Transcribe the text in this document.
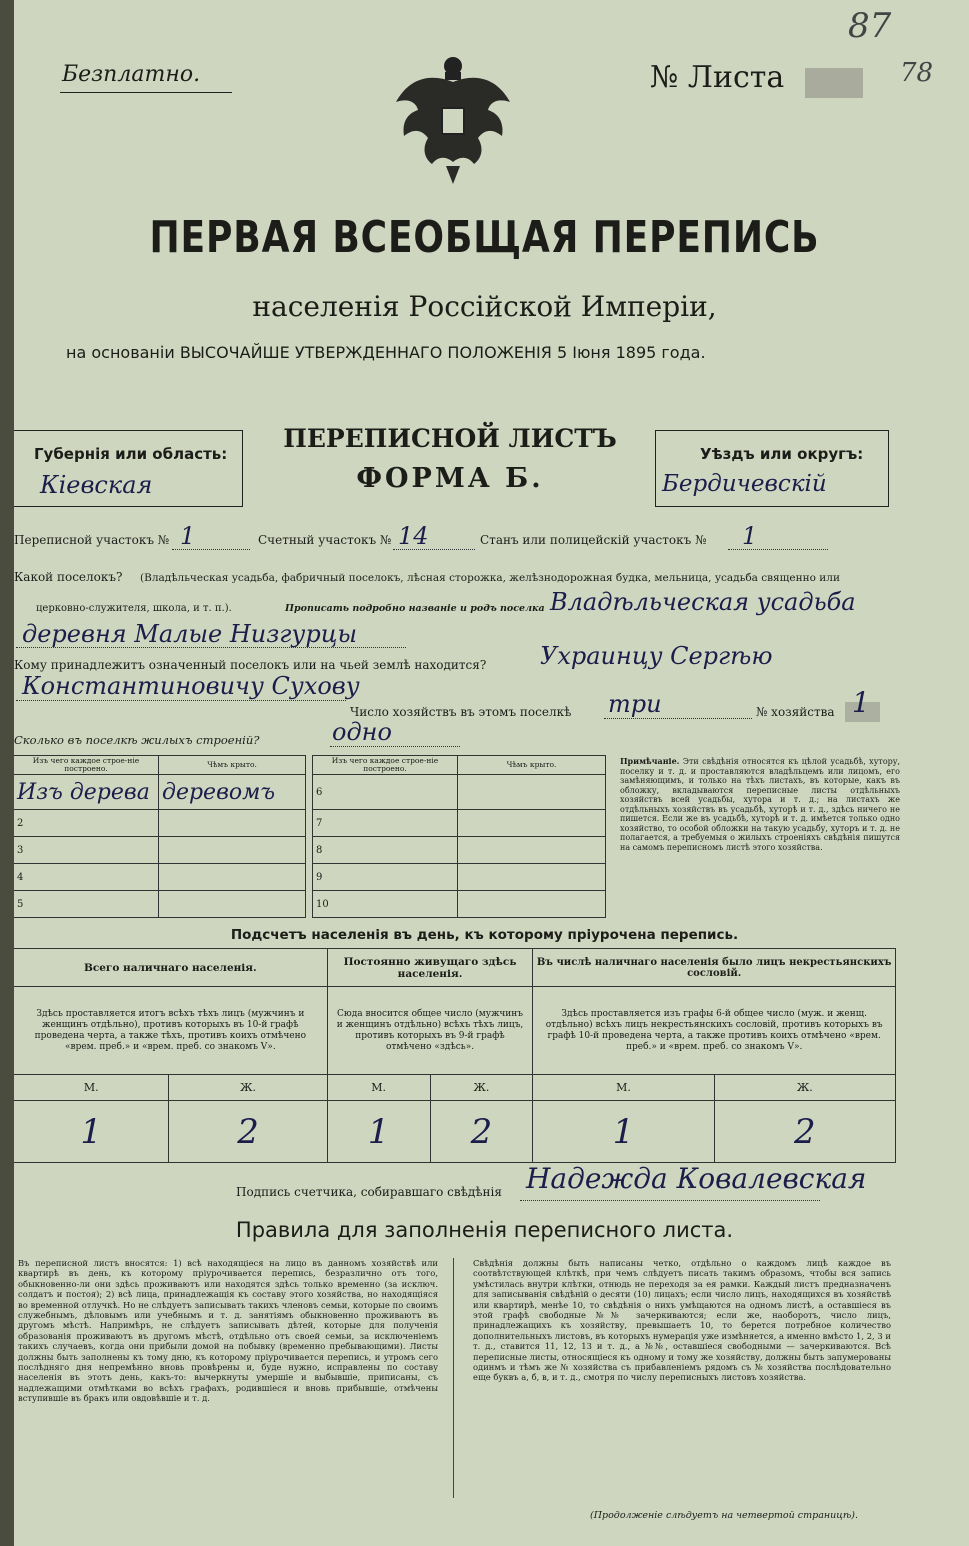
Безплатно.	№ Листа
87
78
ПЕРВАЯ ВСЕОБЩАЯ ПЕРЕПИСЬ
населенія Россійской Имперіи,
на основаніи ВЫСОЧАЙШЕ УТВЕРЖДЕННАГО ПОЛОЖЕНІЯ 5 Іюня 1895 года.
Губернія или область:
Кіевская
ПЕРЕПИСНОЙ ЛИСТЪ
ФОРМА Б.
Уѣздъ или округъ:
Бердичевскій
Переписной участокъ № 1	Счетный участокъ № 14	Станъ или полицейскій участокъ № 1
Какой поселокъ? (Владѣльческая усадьба, фабричный поселокъ, лѣсная сторожка, желѣзнодорожная будка, мельница, усадьба священно или
церковно-служителя, школа, и т. п.).	Прописать подробно названіе и родъ поселка Владѣльческая усадьба
деревня Малые Низгурцы
Кому принадлежитъ означенный поселокъ или на чьей землѣ находится? Ухраинцу Сергѣю
Константиновичу Сухову
Число хозяйствъ въ этомъ поселкѣ три	№ хозяйства 1
Сколько въ поселкѣ жилыхъ строеній?	одно
Изъ чего каждое строе-ніе построено.	Чѣмъ крыто.
Изъ дерева	деревомъ
2	
3	
4	
5	
Изъ чего каждое строе-ніе построено.	Чѣмъ крыто.
6	
7	
8	
9	
10	
Примѣчаніе. Эти свѣдѣнія относятся къ цѣлой усадьбѣ, хутору, поселку и т. д. и проставляются владѣльцемъ или лицомъ, его замѣняющимъ, и только на тѣхъ листахъ, въ которые, какъ въ обложку, вкладываются переписные листы отдѣльныхъ хозяйствъ всей усадьбы, хутора и т. д.; на листахъ же отдѣльныхъ хозяйствъ въ усадьбѣ, хуторѣ и т. д., здѣсь ничего не пишется. Если же въ усадьбѣ, хуторѣ и т. д. имѣется только одно хозяйство, то особой обложки на такую усадьбу, хуторъ и т. д. не полагается, а требуемыя о жилыхъ строеніяхъ свѣдѣнія пишутся на самомъ переписномъ листѣ этого хозяйства.
Подсчетъ населенія въ день, къ которому пріурочена перепись.
Всего наличнаго населенія.		Постоянно живущаго здѣсь населенія.		Въ числѣ наличнаго населенія было лицъ некрестьянскихъ сословій.	
Здѣсь проставляется итогъ всѣхъ тѣхъ лицъ (мужчинъ и женщинъ отдѣльно), противъ которыхъ въ 10-й графѣ проведена черта, а также тѣхъ, противъ коихъ отмѣчено «врем. преб.» и «врем. преб. со знакомъ V».		Сюда вносится общее число (мужчинъ и женщинъ отдѣльно) всѣхъ тѣхъ лицъ, противъ которыхъ въ 9-й графѣ отмѣчено «здѣсь».		Здѣсь проставляется изъ графы 6-й общее число (муж. и женщ. отдѣльно) всѣхъ лицъ некрестьянскихъ сословій, противъ которыхъ въ графѣ 10-й проведена черта, а также противъ коихъ отмѣчено «врем. преб.» и «врем. преб. со знакомъ V».	
М.	Ж.	М.	Ж.	М.	Ж.
1	2	1	2	1	2
Подпись счетчика, собиравшаго свѣдѣнія Надежда Ковалевская
Правила для заполненія переписного листа.
Въ переписной листъ вносятся: 1) всѣ находящіеся на лицо въ данномъ хозяйствѣ или квартирѣ въ день, къ которому пріурочивается перепись, безразлично отъ того, обыкновенно-ли они здѣсь проживаютъ или находятся здѣсь только временно (за исключ. солдатъ и постоя); 2) всѣ лица, принадлежащія къ составу этого хозяйства, но находящіяся во временной отлучкѣ. Но не слѣдуетъ записывать такихъ членовъ семьи, которые по своимъ служебнымъ, дѣловымъ или учебнымъ и т. д. занятіямъ обыкновенно проживаютъ въ другомъ мѣстѣ. Напримѣръ, не слѣдуетъ записывать дѣтей, которые для полученія образованія проживаютъ въ другомъ мѣстѣ, отдѣльно отъ своей семьи, за исключеніемъ такихъ случаевъ, когда они прибыли домой на побывку (временно пребывающими). Листы должны быть заполнены къ тому дню, къ которому пріурочивается перепись, и утромъ сего послѣдняго дня непремѣнно вновь провѣрены и, буде нужно, исправлены по составу населенія въ этотъ день, какъ-то: вычеркнуты умершіе и выбывшіе, приписаны, съ надлежащими отмѣтками во всѣхъ графахъ, родившіеся и вновь прибывшіе, отмѣчены вступившіе въ бракъ или овдовѣвшіе и т. д.
Свѣдѣнія должны быть написаны четко, отдѣльно о каждомъ лицѣ каждое въ соотвѣтствующей клѣткѣ, при чемъ слѣдуетъ писать такимъ образомъ, чтобы вся запись умѣстилась внутри клѣтки, отнюдь не переходя за ея рамки. Каждый листъ предназначенъ для записыванія свѣдѣній о десяти (10) лицахъ; если число лицъ, находящихся въ хозяйствѣ или квартирѣ, менѣе 10, то свѣдѣнія о нихъ умѣщаются на одномъ листѣ, а оставшіеся въ этой графѣ свободные №№ зачеркиваются; если же, наоборотъ, число лицъ, принадлежащихъ къ хозяйству, превышаетъ 10, то берется потребное количество дополнительныхъ листовъ, въ которыхъ нумерація уже измѣняется, а именно вмѣсто 1, 2, 3 и т. д., ставится 11, 12, 13 и т. д., а №№, оставшіеся свободными — зачеркиваются. Всѣ переписные листы, относящіеся къ одному и тому же хозяйству, должны быть запумерованы одинмъ и тѣмъ же № хозяйства съ прибавленіемъ рядомъ съ № хозяйства послѣдовательно еще буквъ а, б, в, и т. д., смотря по числу переписныхъ листовъ хозяйства.
(Продолженіе слѣдуетъ на четвертой страницѣ).
